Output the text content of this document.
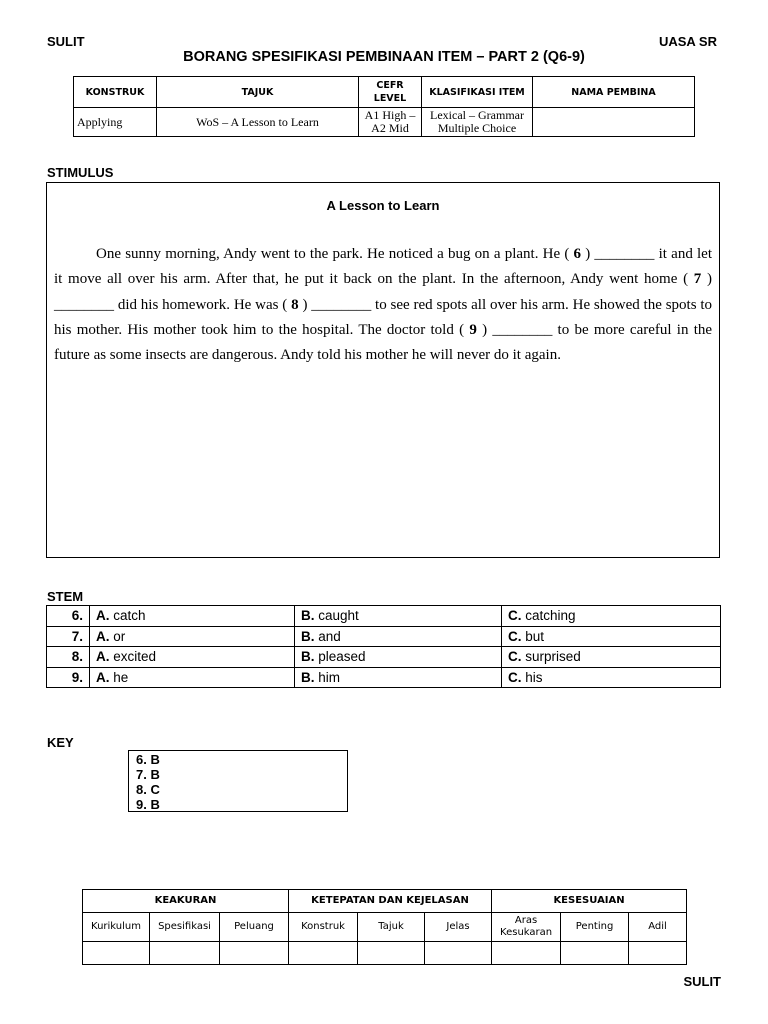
SULIT	UASA SR
BORANG SPESIFIKASI PEMBINAAN ITEM – PART 2 (Q6-9)
KONSTRUK	TAJUK	CEFR LEVEL	KLASIFIKASI ITEM	NAMA PEMBINA
Applying	WoS – A Lesson to Learn	A1 High – A2 Mid	Lexical – Grammar Multiple Choice	
STIMULUS
A Lesson to Learn

One sunny morning, Andy went to the park. He noticed a bug on a plant. He ( 6 ) ________ it and let it move all over his arm. After that, he put it back on the plant. In the afternoon, Andy went home ( 7 ) ________ did his homework. He was ( 8 ) ________ to see red spots all over his arm. He showed the spots to his mother. His mother took him to the hospital. The doctor told ( 9 ) ________ to be more careful in the future as some insects are dangerous. Andy told his mother he will never do it again.

STEM
6.	A. catch	B. caught	C. catching
7.	A. or	B. and	C. but
8.	A. excited	B. pleased	C. surprised
9.	A. he	B. him	C. his
KEY
6. B
7. B
8. C
9. B
KEAKURAN			KETEPATAN DAN KEJELASAN			KESESUAIAN		
Kurikulum	Spesifikasi	Peluang	Konstruk	Tajuk	Jelas	Aras Kesukaran	Penting	Adil

SULIT
